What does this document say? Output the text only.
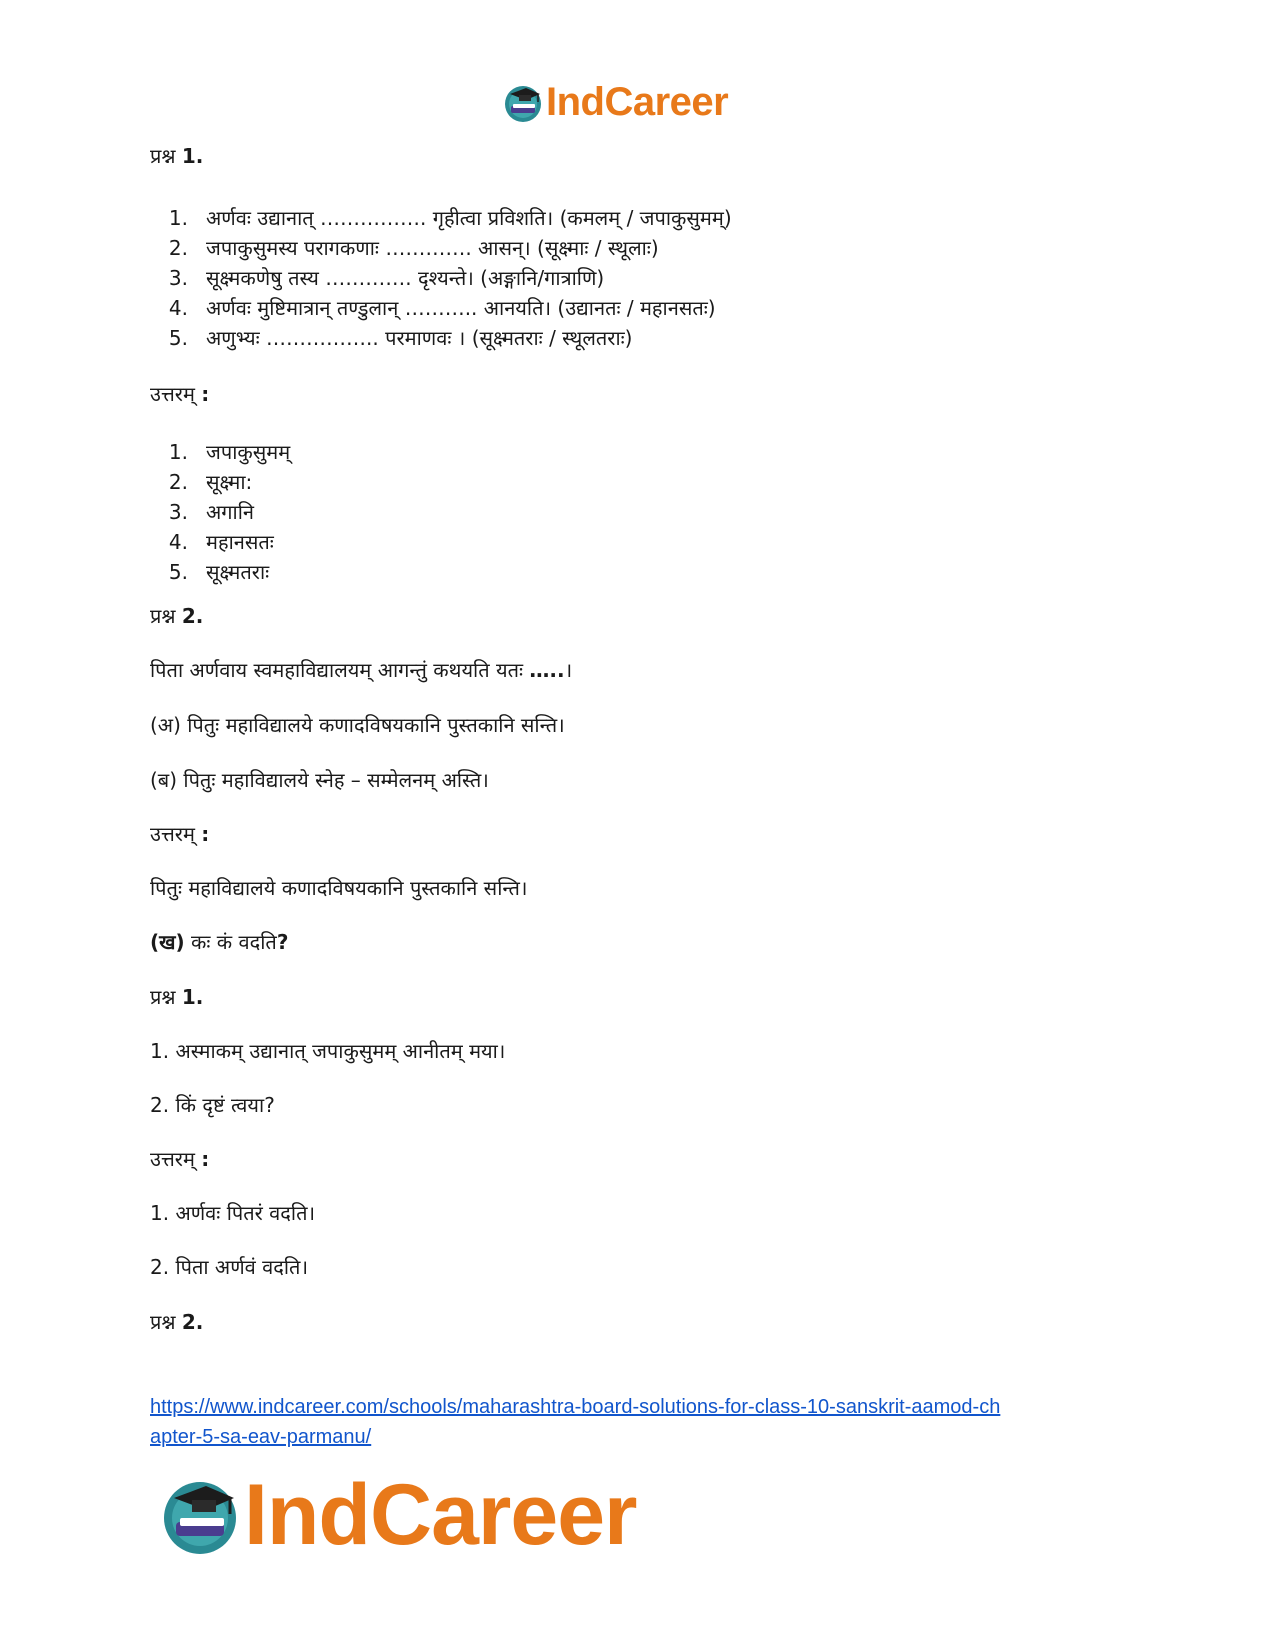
IndCareer
प्रश्न 1.
1. अर्णवः उद्यानात् ……………. गृहीत्वा प्रविशति। (कमलम् / जपाकुसुमम्)
2. जपाकुसुमस्य परागकणाः …………. आसन्। (सूक्ष्माः / स्थूलाः)
3. सूक्ष्मकणेषु तस्य …………. दृश्यन्ते। (अङ्गानि/गात्राणि)
4. अर्णवः मुष्टिमात्रान् तण्डुलान् ……….. आनयति। (उद्यानतः / महानसतः)
5. अणुभ्यः …………….. परमाणवः । (सूक्ष्मतराः / स्थूलतराः)
उत्तरम् :
1. जपाकुसुमम्
2. सूक्ष्मा:
3. अगानि
4. महानसतः
5. सूक्ष्मतराः
प्रश्न 2.
पिता अर्णवाय स्वमहाविद्यालयम् आगन्तुं कथयति यतः …..।
(अ) पितुः महाविद्यालये कणादविषयकानि पुस्तकानि सन्ति।
(ब) पितुः महाविद्यालये स्नेह – सम्मेलनम् अस्ति।
उत्तरम् :
पितुः महाविद्यालये कणादविषयकानि पुस्तकानि सन्ति।
(ख) कः कं वदति?
प्रश्न 1.
1. अस्माकम् उद्यानात् जपाकुसुमम् आनीतम् मया।
2. किं दृष्टं त्वया?
उत्तरम् :
1. अर्णवः पितरं वदति।
2. पिता अर्णवं वदति।
प्रश्न 2.
https://www.indcareer.com/schools/maharashtra-board-solutions-for-class-10-sanskrit-aamod-ch
apter-5-sa-eav-parmanu/
IndCareer
